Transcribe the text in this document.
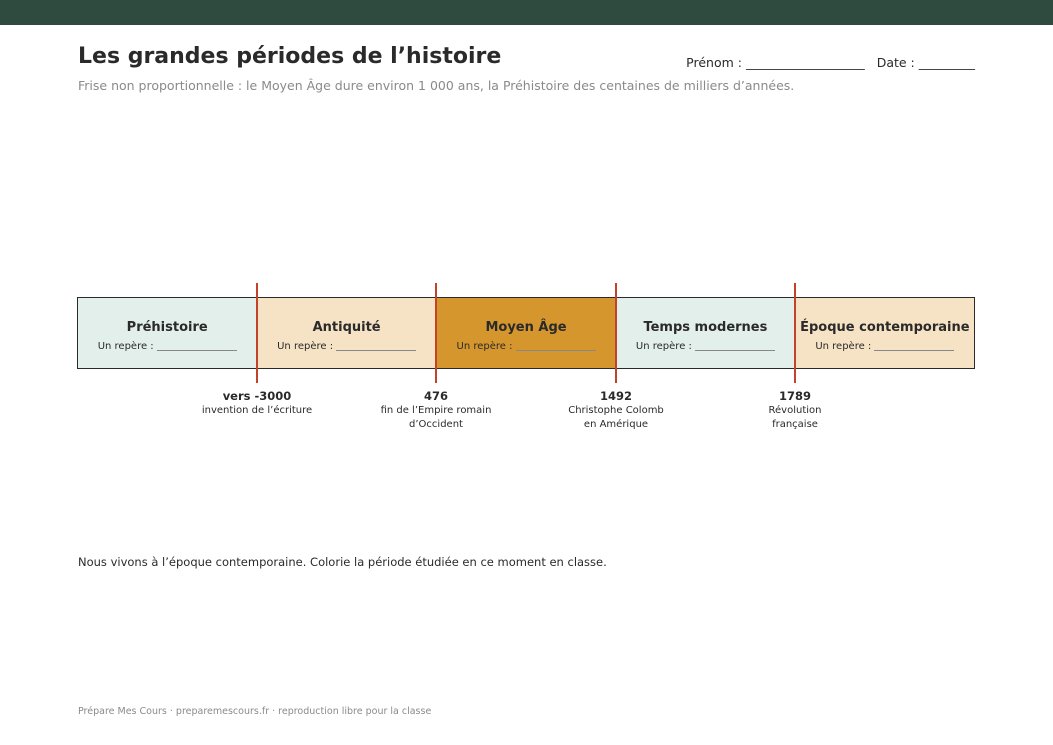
Les grandes périodes de l’histoire
Frise non proportionnelle : le Moyen Âge dure environ 1 000 ans, la Préhistoire des centaines de milliers d’années.
Prénom : ___________________ Date : _________
Préhistoire
Un repère :
Antiquité
Un repère :
Moyen Âge
Un repère :
Temps modernes
Un repère :
Époque contemporaine
Un repère :
vers -3000
invention de l’écriture
476
fin de l’Empire romain
d’Occident
1492
Christophe Colomb
en Amérique
1789
Révolution
française
Nous vivons à l’époque contemporaine. Colorie la période étudiée en ce moment en classe.
Prépare Mes Cours · preparemescours.fr · reproduction libre pour la classe
